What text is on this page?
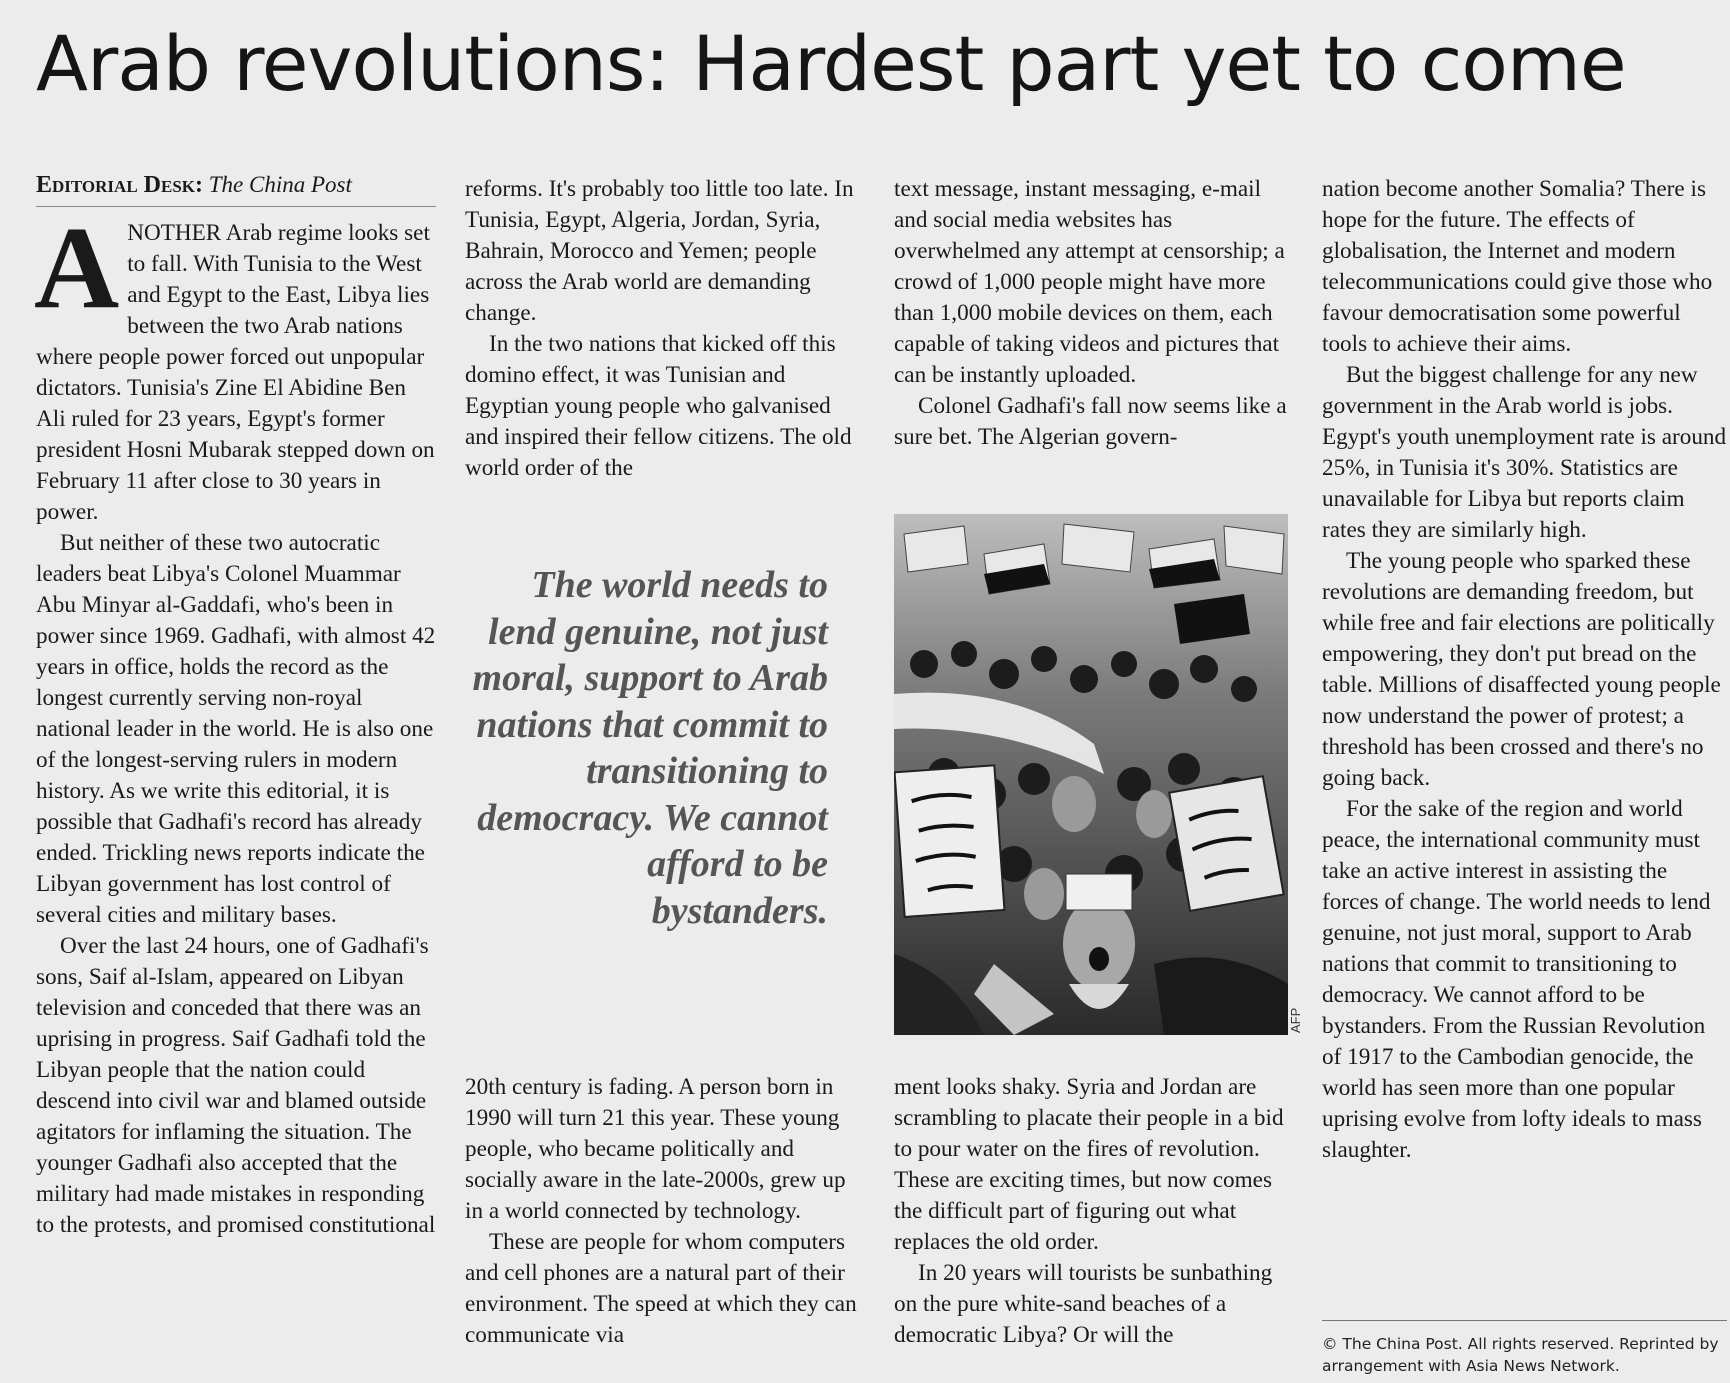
Arab revolutions: Hardest part yet to come
Editorial Desk: The China Post

ANOTHER Arab regime looks set to fall. With Tunisia to the West and Egypt to the East, Libya lies between the two Arab nations where people power forced out unpopular dictators. Tunisia's Zine El Abidine Ben Ali ruled for 23 years, Egypt's former president Hosni Mubarak stepped down on February 11 after close to 30 years in power.

But neither of these two autocratic leaders beat Libya's Colonel Muammar Abu Minyar al-Gaddafi, who's been in power since 1969. Gadhafi, with almost 42 years in office, holds the record as the longest currently serving non-royal national leader in the world. He is also one of the longest-serving rulers in modern history. As we write this editorial, it is possible that Gadhafi's record has already ended. Trickling news reports indicate the Libyan government has lost control of several cities and military bases.

Over the last 24 hours, one of Gadhafi's sons, Saif al-Islam, appeared on Libyan television and conceded that there was an uprising in progress. Saif Gadhafi told the Libyan people that the nation could descend into civil war and blamed outside agitators for inflaming the situation. The younger Gadhafi also accepted that the military had made mistakes in responding to the protests, and promised constitutional

reforms. It's probably too little too late. In Tunisia, Egypt, Algeria, Jordan, Syria, Bahrain, Morocco and Yemen; people across the Arab world are demanding change.

In the two nations that kicked off this domino effect, it was Tunisian and Egyptian young people who galvanised and inspired their fellow citizens. The old world order of the

The world needs to lend genuine, not just moral, support to Arab nations that commit to transitioning to democracy. We cannot afford to be bystanders.

20th century is fading. A person born in 1990 will turn 21 this year. These young people, who became politically and socially aware in the late-2000s, grew up in a world connected by technology.

These are people for whom computers and cell phones are a natural part of their environment. The speed at which they can communicate via

text message, instant messaging, e-mail and social media websites has overwhelmed any attempt at censorship; a crowd of 1,000 people might have more than 1,000 mobile devices on them, each capable of taking videos and pictures that can be instantly uploaded.

Colonel Gadhafi's fall now seems like a sure bet. The Algerian govern-

AFP

ment looks shaky. Syria and Jordan are scrambling to placate their people in a bid to pour water on the fires of revolution. These are exciting times, but now comes the difficult part of figuring out what replaces the old order.

In 20 years will tourists be sunbathing on the pure white-sand beaches of a democratic Libya? Or will the

nation become another Somalia? There is hope for the future. The effects of globalisation, the Internet and modern telecommunications could give those who favour democratisation some powerful tools to achieve their aims.

But the biggest challenge for any new government in the Arab world is jobs. Egypt's youth unemployment rate is around 25%, in Tunisia it's 30%. Statistics are unavailable for Libya but reports claim rates they are similarly high.

The young people who sparked these revolutions are demanding freedom, but while free and fair elections are politically empowering, they don't put bread on the table. Millions of disaffected young people now understand the power of protest; a threshold has been crossed and there's no going back.

For the sake of the region and world peace, the international community must take an active interest in assisting the forces of change. The world needs to lend genuine, not just moral, support to Arab nations that commit to transitioning to democracy. We cannot afford to be bystanders. From the Russian Revolution of 1917 to the Cambodian genocide, the world has seen more than one popular uprising evolve from lofty ideals to mass slaughter.

© The China Post. All rights reserved. Reprinted by arrangement with Asia News Network.
